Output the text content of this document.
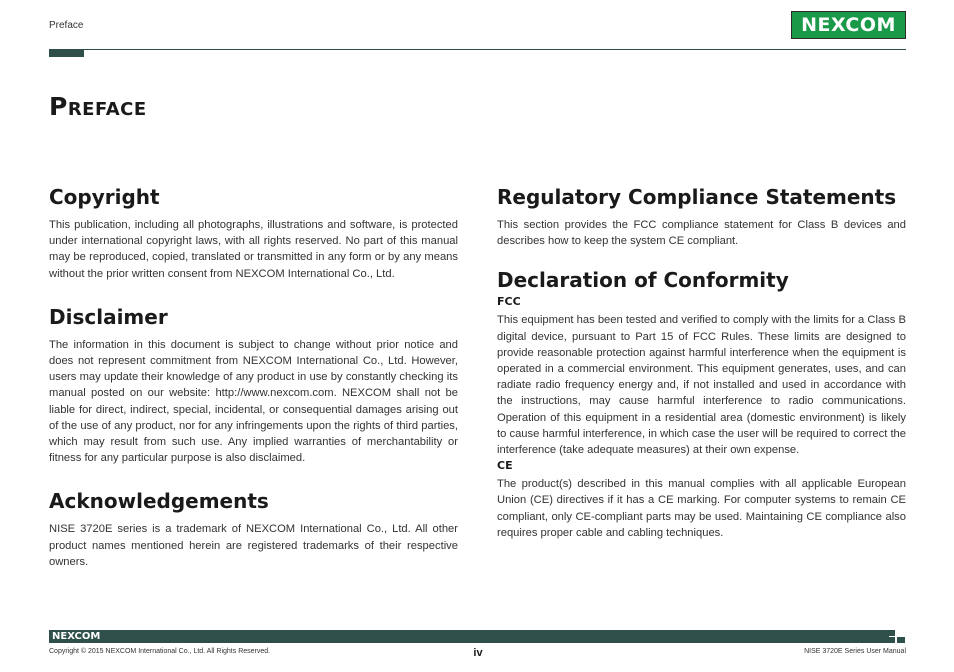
Preface	NEXCOM
Preface
Copyright

This publication, including all photographs, illustrations and software, is protected under international copyright laws, with all rights reserved. No part of this manual may be reproduced, copied, translated or transmitted in any form or by any means without the prior written consent from NEXCOM International Co., Ltd.

Disclaimer

The information in this document is subject to change without prior notice and does not represent commitment from NEXCOM International Co., Ltd. However, users may update their knowledge of any product in use by constantly checking its manual posted on our website: http://www.nexcom.com. NEXCOM shall not be liable for direct, indirect, special, incidental, or consequential damages arising out of the use of any product, nor for any infringements upon the rights of third parties, which may result from such use. Any implied warranties of merchantability or fitness for any particular purpose is also disclaimed.

Acknowledgements

NISE 3720E series is a trademark of NEXCOM International Co., Ltd. All other product names mentioned herein are registered trademarks of their respective owners.

Regulatory Compliance Statements

This section provides the FCC compliance statement for Class B devices and describes how to keep the system CE compliant.

Declaration of Conformity
FCC

This equipment has been tested and verified to comply with the limits for a Class B digital device, pursuant to Part 15 of FCC Rules. These limits are designed to provide reasonable protection against harmful interference when the equipment is operated in a commercial environment. This equipment generates, uses, and can radiate radio frequency energy and, if not installed and used in accordance with the instructions, may cause harmful interference to radio communications. Operation of this equipment in a residential area (domestic environment) is likely to cause harmful interference, in which case the user will be required to correct the interference (take adequate measures) at their own expense.

CE

The product(s) described in this manual complies with all applicable European Union (CE) directives if it has a CE marking. For computer systems to remain CE compliant, only CE-compliant parts may be used. Maintaining CE compliance also requires proper cable and cabling techniques.

NEXCOM
Copyright © 2015 NEXCOM International Co., Ltd. All Rights Reserved.	iv	NISE 3720E Series User Manual
